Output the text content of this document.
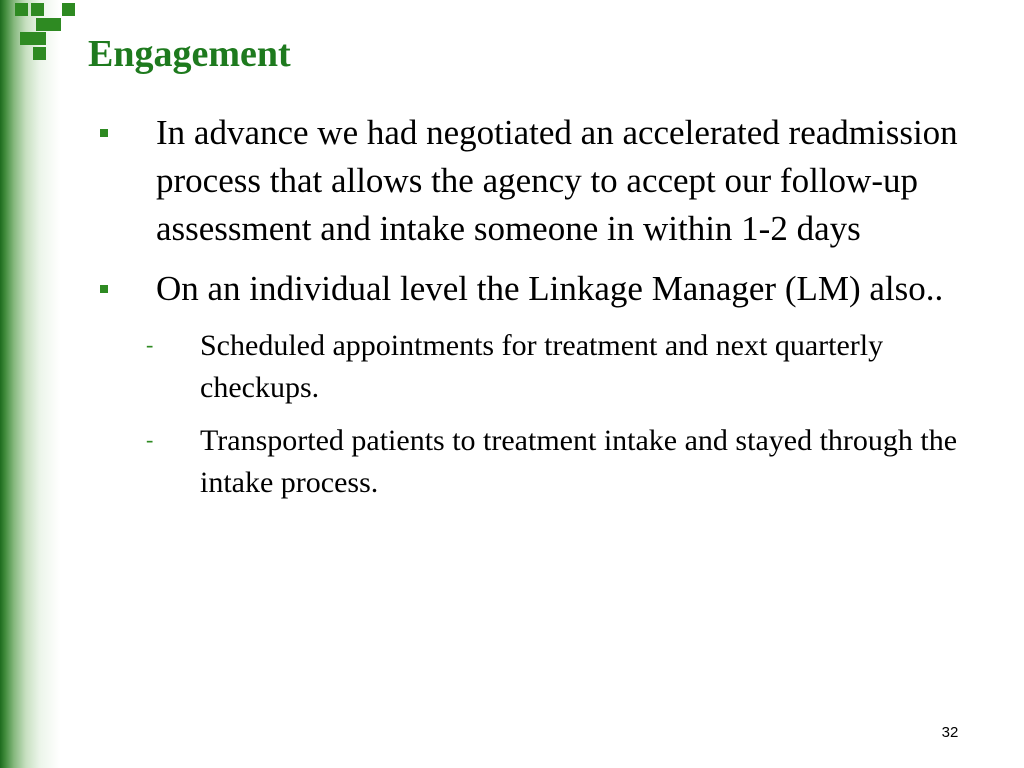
Engagement
In advance we had negotiated an accelerated readmission process that allows the agency to accept our follow-up assessment and intake someone in within 1-2 days
On an individual level the Linkage Manager (LM) also..
- Scheduled appointments for treatment and next quarterly checkups.
- Transported patients to treatment intake and stayed through the intake process.
32
